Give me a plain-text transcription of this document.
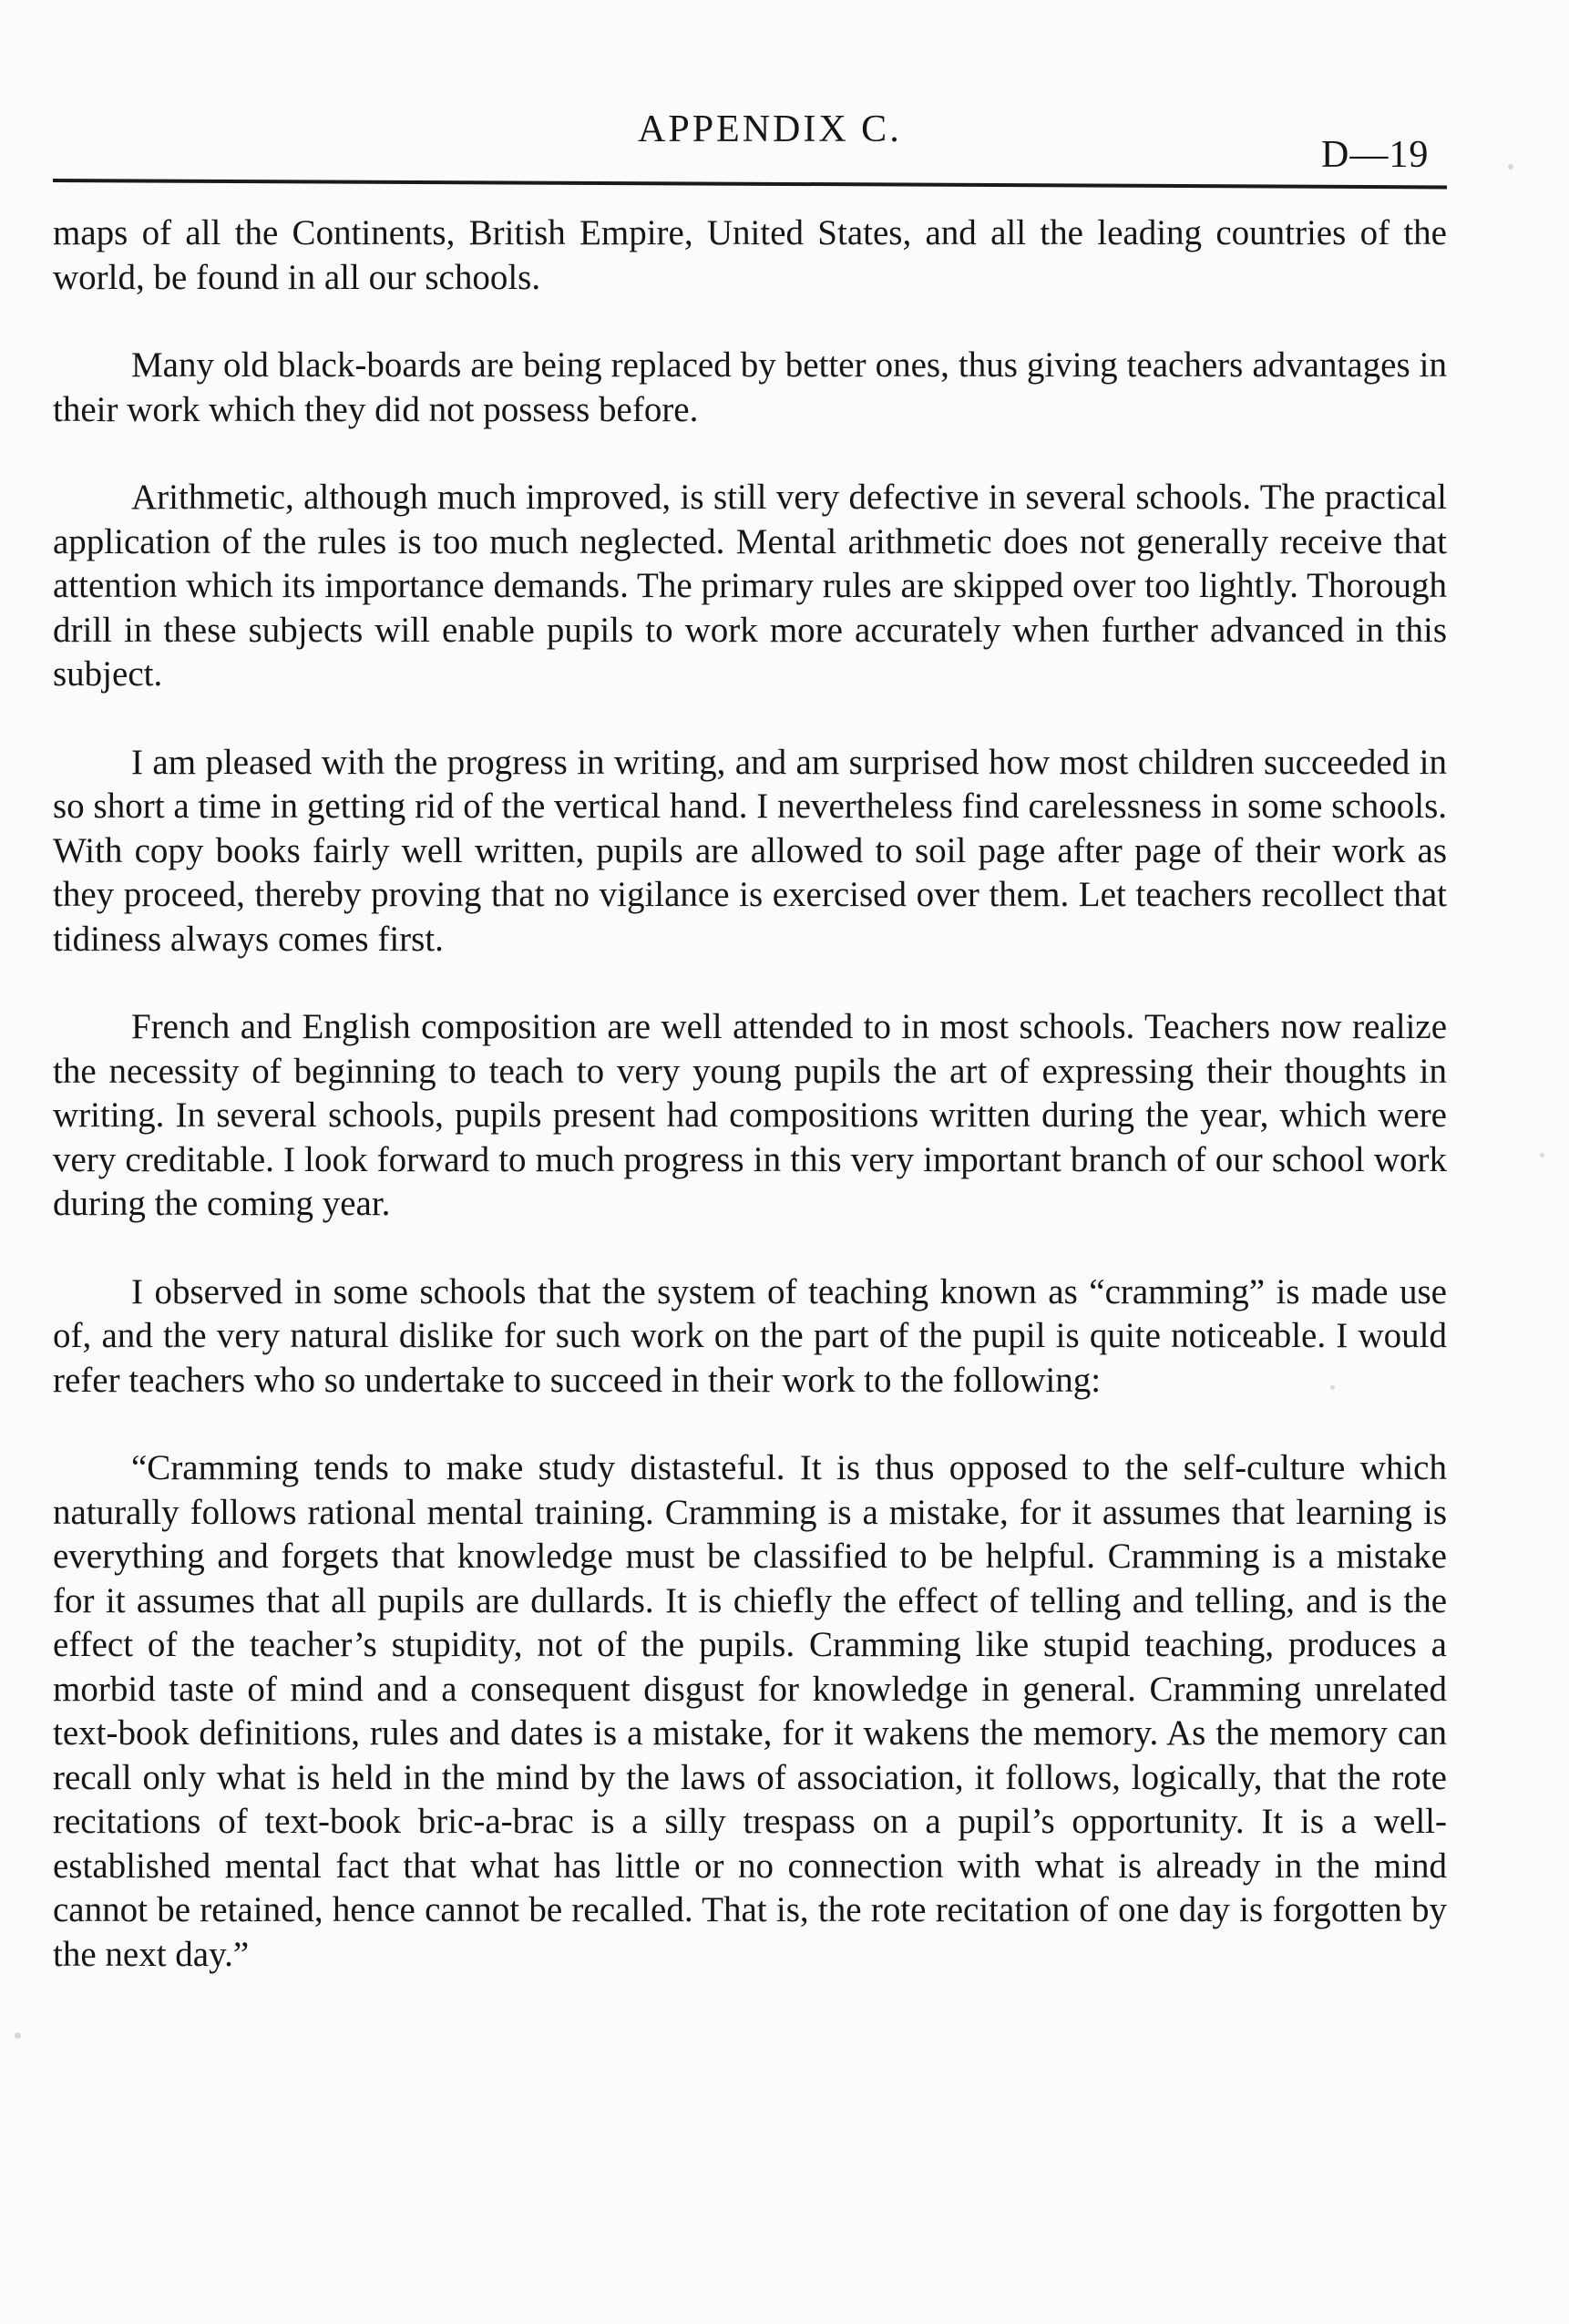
APPENDIX C.
D—19

maps of all the Continents, British Empire, United States, and all the leading countries of the world, be found in all our schools.

Many old black-boards are being replaced by better ones, thus giving teachers advantages in their work which they did not possess before.

Arithmetic, although much improved, is still very defective in several schools. The practical application of the rules is too much neglected. Mental arithmetic does not generally receive that attention which its importance demands. The primary rules are skipped over too lightly. Thorough drill in these subjects will enable pupils to work more accurately when further advanced in this subject.

I am pleased with the progress in writing, and am surprised how most children succeeded in so short a time in getting rid of the vertical hand. I nevertheless find carelessness in some schools. With copy books fairly well written, pupils are allowed to soil page after page of their work as they proceed, thereby proving that no vigilance is exercised over them. Let teachers recollect that tidiness always comes first.

French and English composition are well attended to in most schools. Teachers now realize the necessity of beginning to teach to very young pupils the art of expressing their thoughts in writing. In several schools, pupils present had compositions written during the year, which were very creditable. I look forward to much progress in this very important branch of our school work during the coming year.

I observed in some schools that the system of teaching known as “cramming” is made use of, and the very natural dislike for such work on the part of the pupil is quite noticeable. I would refer teachers who so undertake to succeed in their work to the following:

“Cramming tends to make study distasteful. It is thus opposed to the self-culture which naturally follows rational mental training. Cramming is a mistake, for it assumes that learning is everything and forgets that knowledge must be classified to be helpful. Cramming is a mistake for it assumes that all pupils are dullards. It is chiefly the effect of telling and telling, and is the effect of the teacher’s stupidity, not of the pupils. Cramming like stupid teaching, produces a morbid taste of mind and a consequent disgust for knowledge in general. Cramming unrelated text-book definitions, rules and dates is a mistake, for it wakens the memory. As the memory can recall only what is held in the mind by the laws of association, it follows, logically, that the rote recitations of text-book bric-a-brac is a silly trespass on a pupil’s opportunity. It is a well-established mental fact that what has little or no connection with what is already in the mind cannot be retained, hence cannot be recalled. That is, the rote recitation of one day is forgotten by the next day.”
